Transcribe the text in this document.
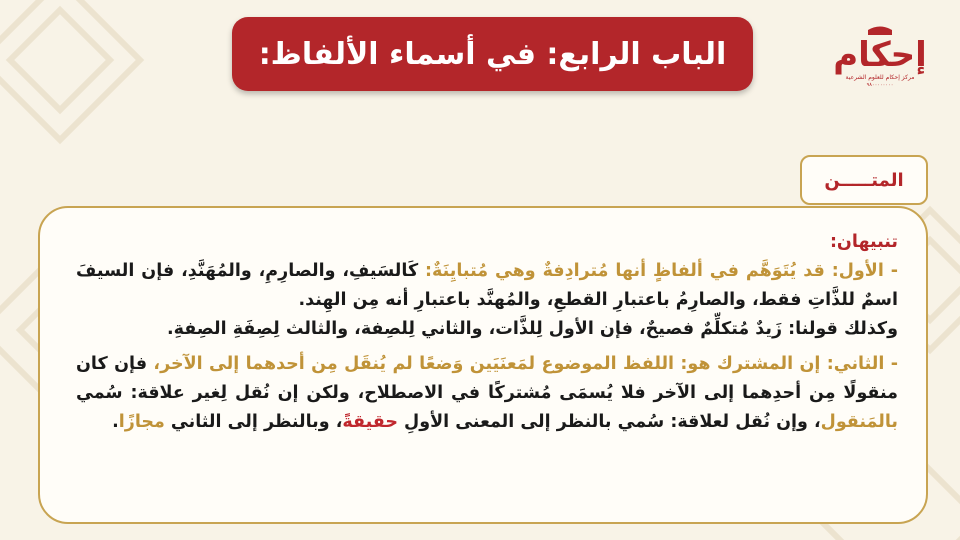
الباب الرابع: في أسماء الألفاظ:	إحكام
مركز إحكام للعلوم الشرعية
٩٨٠٠٠٠٠٠٠٠
المتـــــن

تنبيهان:

- الأول: قد يُتَوَهَّم في ألفاظٍ أنها مُترادِفةٌ وهي مُتبايِنَةٌ: كَالسَيفِ، والصارِمِ، والمُهَنَّدِ، فإن السيفَ اسمٌ للذَّاتِ فقط، والصارِمُ باعتبارِ القطعِ، والمُهنَّد باعتبارِ أنه مِن الهِند.

وكذلك قولنا: زَيدٌ مُتكلِّمٌ فصيحٌ، فإن الأول لِلذَّات، والثاني لِلصِفة، والثالث لِصِفَةِ الصِفةِ.

- الثاني: إن المشترك هو: اللفظ الموضوع لمَعنَيَين وَضعًا لم يُنقَل مِن أحدهما إلى الآخر، فإن كان منقولًا مِن أحدِهما إلى الآخر فلا يُسمَى مُشتركًا في الاصطلاح، ولكن إن نُقل لِغير علاقة: سُمي بالمَنقول، وإن نُقل لعلاقة: سُمي بالنظر إلى المعنى الأولِ حقيقةً، وبالنظر إلى الثاني مجازًا.
